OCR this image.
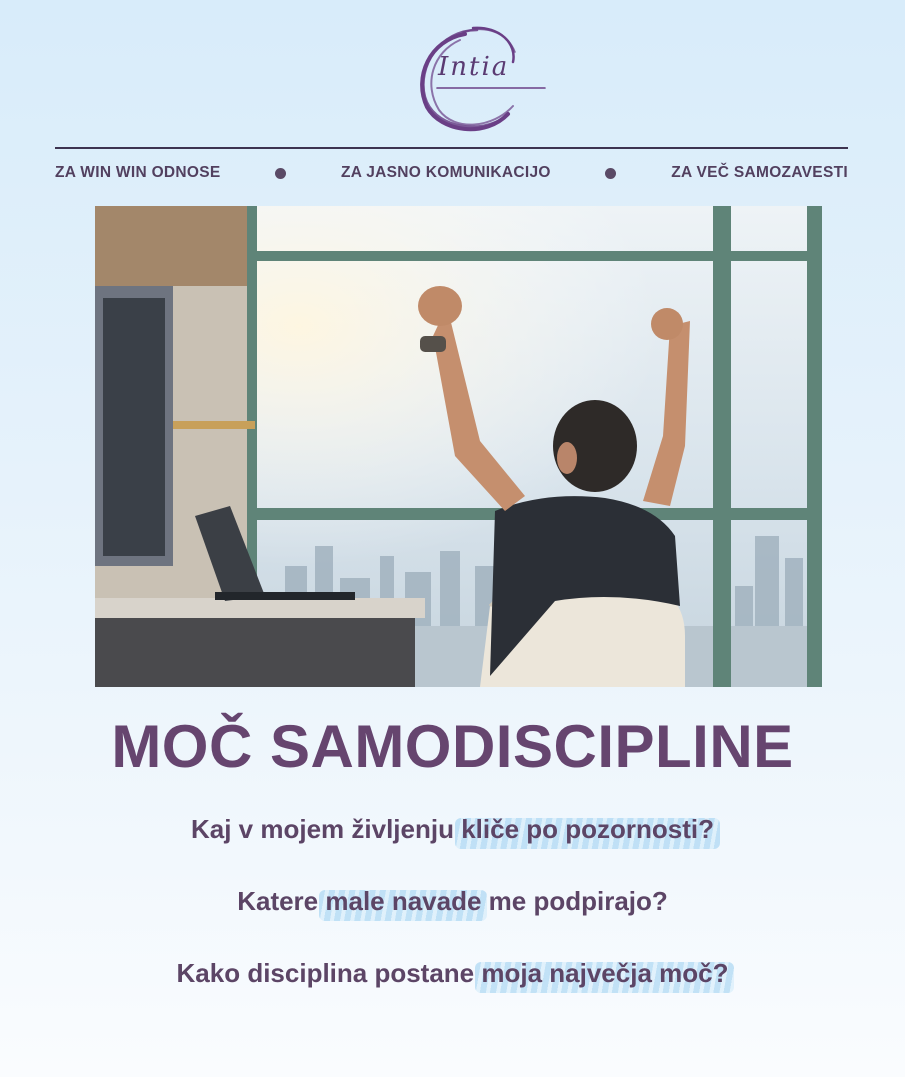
Intia
ZA WIN WIN ODNOSE	ZA JASNO KOMUNIKACIJO	ZA VEČ SAMOZAVESTI
MOČ SAMODISCIPLINE
Kaj v mojem življenju kliče po pozornosti?
Katere male navade me podpirajo?
Kako disciplina postane moja največja moč?
